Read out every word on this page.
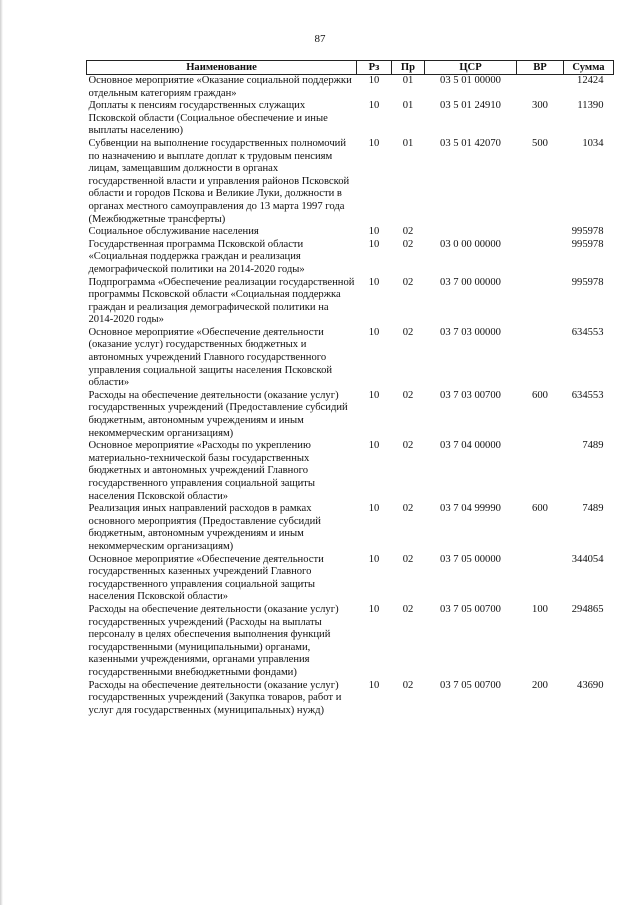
87
Наименование	Рз	Пр	ЦСР	ВР	Сумма
Основное мероприятие «Оказание социальной поддержки отдельным категориям граждан»	10	01	03 5 01 00000		12424
Доплаты к пенсиям государственных служащих Псковской области (Социальное обеспечение и иные выплаты населению)	10	01	03 5 01 24910	300	11390
Субвенции на выполнение государственных полномочий по назначению и выплате доплат к трудовым пенсиям лицам, замещавшим должности в органах государственной власти и управления районов Псковской области и городов Пскова и Великие Луки, должности в органах местного самоуправления до 13 марта 1997 года (Межбюджетные трансферты)	10	01	03 5 01 42070	500	1034
Социальное обслуживание населения	10	02			995978
Государственная программа Псковской области «Социальная поддержка граждан и реализация демографической политики на 2014-2020 годы»	10	02	03 0 00 00000		995978
Подпрограмма «Обеспечение реализации государственной программы Псковской области «Социальная поддержка граждан и реализация демографической политики на 2014-2020 годы»	10	02	03 7 00 00000		995978
Основное мероприятие «Обеспечение деятельности (оказание услуг) государственных бюджетных и автономных учреждений Главного государственного управления социальной защиты населения Псковской области»	10	02	03 7 03 00000		634553
Расходы на обеспечение деятельности (оказание услуг) государственных учреждений (Предоставление субсидий бюджетным, автономным учреждениям и иным некоммерческим организациям)	10	02	03 7 03 00700	600	634553
Основное мероприятие «Расходы по укреплению материально-технической базы государственных бюджетных и автономных учреждений Главного государственного управления социальной защиты населения Псковской области»	10	02	03 7 04 00000		7489
Реализация иных направлений расходов в рамках основного мероприятия (Предоставление субсидий бюджетным, автономным учреждениям и иным некоммерческим организациям)	10	02	03 7 04 99990	600	7489
Основное мероприятие «Обеспечение деятельности государственных казенных учреждений Главного государственного управления социальной защиты населения Псковской области»	10	02	03 7 05 00000		344054
Расходы на обеспечение деятельности (оказание услуг) государственных учреждений (Расходы на выплаты персоналу в целях обеспечения выполнения функций государственными (муниципальными) органами, казенными учреждениями, органами управления государственными внебюджетными фондами)	10	02	03 7 05 00700	100	294865
Расходы на обеспечение деятельности (оказание услуг) государственных учреждений (Закупка товаров, работ и услуг для государственных (муниципальных) нужд)	10	02	03 7 05 00700	200	43690
